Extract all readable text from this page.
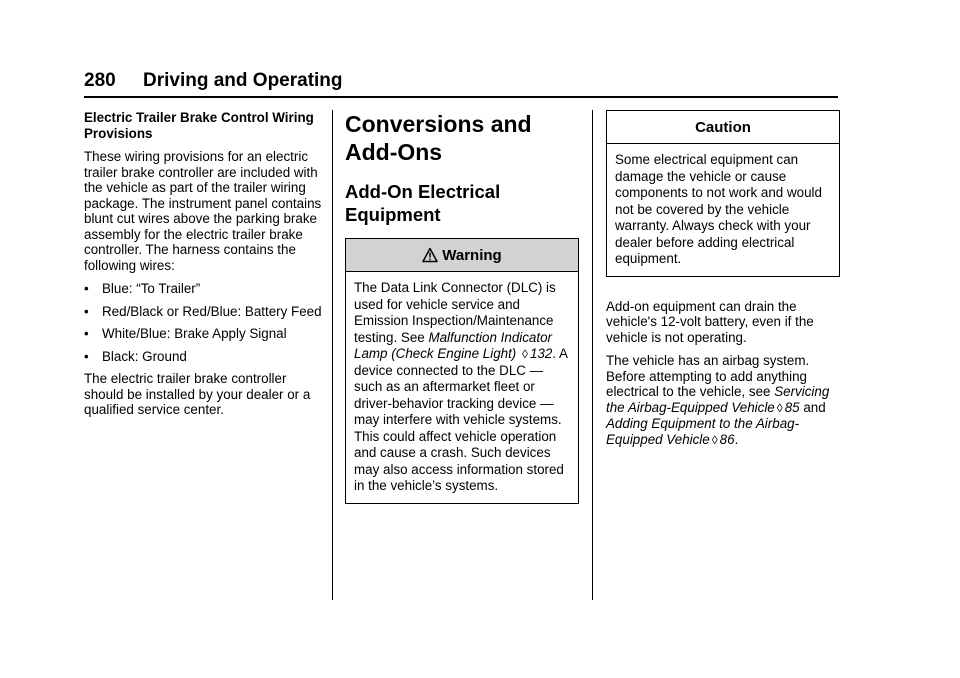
280 Driving and Operating

Electric Trailer Brake Control Wiring Provisions

These wiring provisions for an electric trailer brake controller are included with the vehicle as part of the trailer wiring package. The instrument panel contains blunt cut wires above the parking brake assembly for the electric trailer brake controller. The harness contains the following wires:

• Blue: “To Trailer”
• Red/Black or Red/Blue: Battery Feed
• White/Blue: Brake Apply Signal
• Black: Ground

The electric trailer brake controller should be installed by your dealer or a qualified service center.

Conversions and Add-Ons
Add-On Electrical Equipment
Warning
The Data Link Connector (DLC) is used for vehicle service and Emission Inspection/Maintenance testing. See Malfunction Indicator Lamp (Check Engine Light) ◊ 132. A device connected to the DLC — such as an aftermarket fleet or driver-behavior tracking device — may interfere with vehicle systems. This could affect vehicle operation and cause a crash. Such devices may also access information stored in the vehicle’s systems.
Caution
Some electrical equipment can damage the vehicle or cause components to not work and would not be covered by the vehicle warranty. Always check with your dealer before adding electrical equipment.

Add-on equipment can drain the vehicle's 12-volt battery, even if the vehicle is not operating.

The vehicle has an airbag system. Before attempting to add anything electrical to the vehicle, see Servicing the Airbag-Equipped Vehicle ◊ 85 and Adding Equipment to the Airbag-Equipped Vehicle ◊ 86.
